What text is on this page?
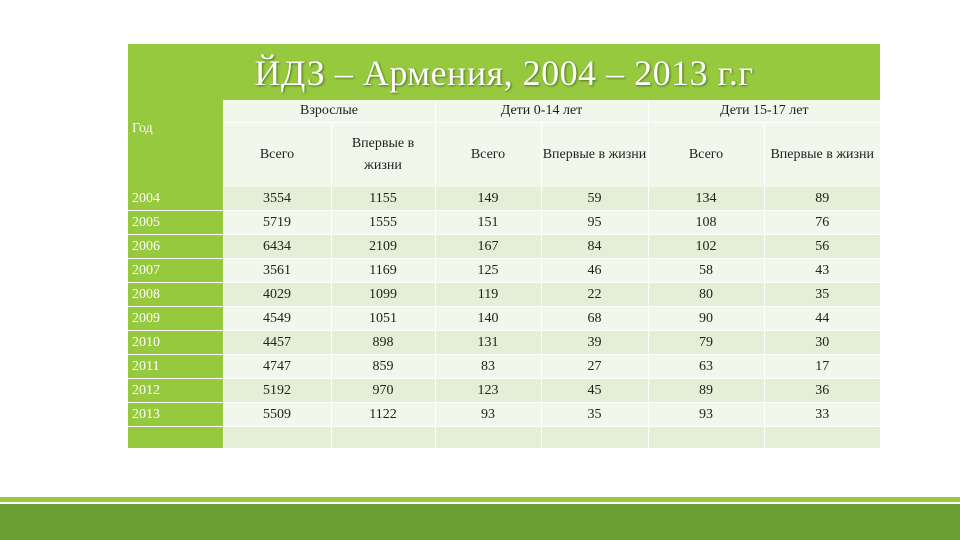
ЙДЗ – Армения, 2004 – 2013 г.г
Год	Взрослые		Дети 0-14 лет		Дети 15-17 лет	
	Всего	Впервые в жизни	Всего	Впервые в жизни	Всего	Впервые в жизни
2004	3554	1155	149	59	134	89
2005	5719	1555	151	95	108	76
2006	6434	2109	167	84	102	56
2007	3561	1169	125	46	58	43
2008	4029	1099	119	22	80	35
2009	4549	1051	140	68	90	44
2010	4457	898	131	39	79	30
2011	4747	859	83	27	63	17
2012	5192	970	123	45	89	36
2013	5509	1122	93	35	93	33
